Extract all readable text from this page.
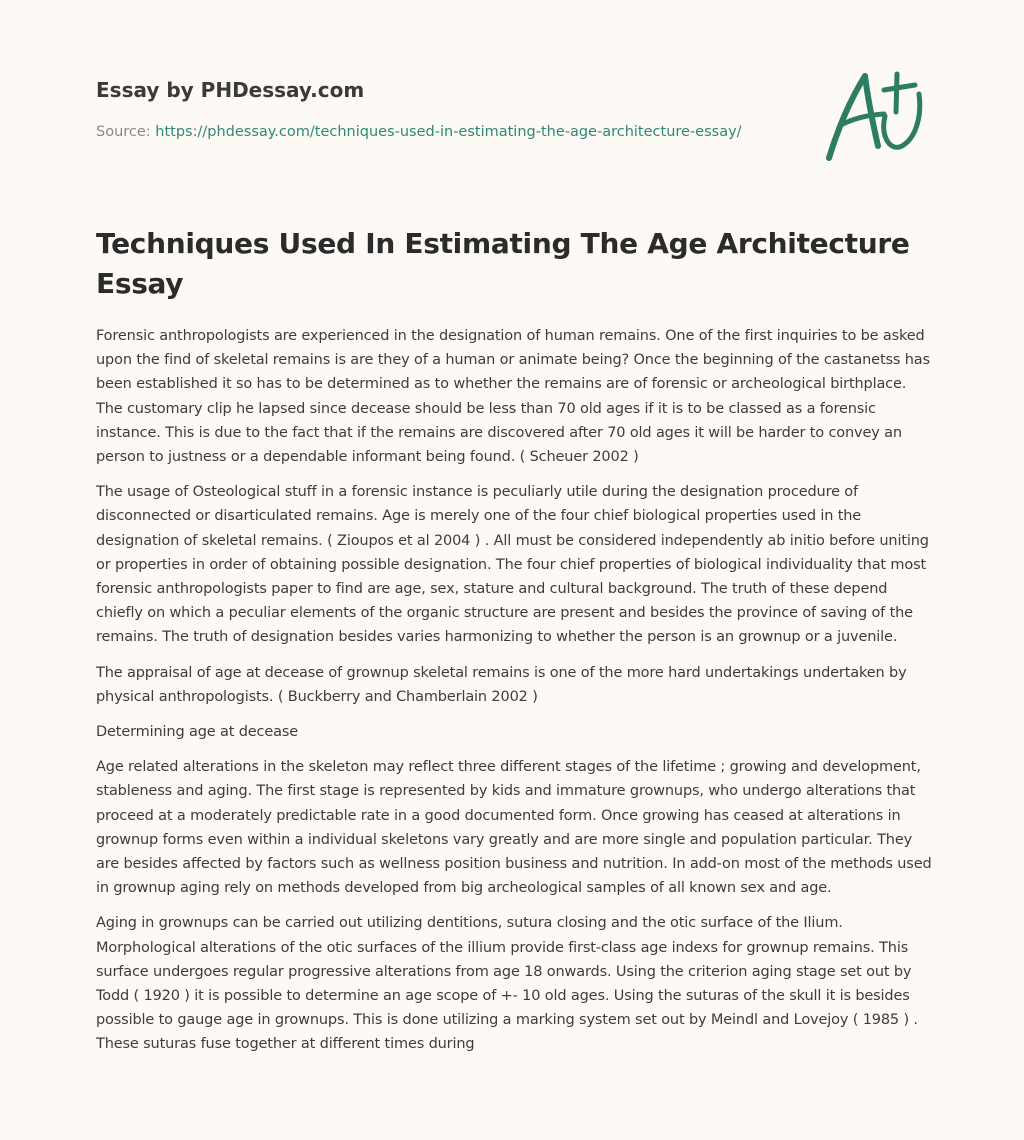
Essay by PHDessay.com
Source: https://phdessay.com/techniques-used-in-estimating-the-age-architecture-essay/
Techniques Used In Estimating The Age Architecture Essay

Forensic anthropologists are experienced in the designation of human remains. One of the first inquiries to be asked upon the find of skeletal remains is are they of a human or animate being? Once the beginning of the castanetss has been established it so has to be determined as to whether the remains are of forensic or archeological birthplace. The customary clip he lapsed since decease should be less than 70 old ages if it is to be classed as a forensic instance. This is due to the fact that if the remains are discovered after 70 old ages it will be harder to convey an person to justness or a dependable informant being found. ( Scheuer 2002 )

The usage of Osteological stuff in a forensic instance is peculiarly utile during the designation procedure of disconnected or disarticulated remains. Age is merely one of the four chief biological properties used in the designation of skeletal remains. ( Zioupos et al 2004 ) . All must be considered independently ab initio before uniting or properties in order of obtaining possible designation. The four chief properties of biological individuality that most forensic anthropologists paper to find are age, sex, stature and cultural background. The truth of these depend chiefly on which a peculiar elements of the organic structure are present and besides the province of saving of the remains. The truth of designation besides varies harmonizing to whether the person is an grownup or a juvenile.

The appraisal of age at decease of grownup skeletal remains is one of the more hard undertakings undertaken by physical anthropologists. ( Buckberry and Chamberlain 2002 )

Determining age at decease

Age related alterations in the skeleton may reflect three different stages of the lifetime ; growing and development, stableness and aging. The first stage is represented by kids and immature grownups, who undergo alterations that proceed at a moderately predictable rate in a good documented form. Once growing has ceased at alterations in grownup forms even within a individual skeletons vary greatly and are more single and population particular. They are besides affected by factors such as wellness position business and nutrition. In add-on most of the methods used in grownup aging rely on methods developed from big archeological samples of all known sex and age.

Aging in grownups can be carried out utilizing dentitions, sutura closing and the otic surface of the Ilium. Morphological alterations of the otic surfaces of the illium provide first-class age indexs for grownup remains. This surface undergoes regular progressive alterations from age 18 onwards. Using the criterion aging stage set out by Todd ( 1920 ) it is possible to determine an age scope of +- 10 old ages. Using the suturas of the skull it is besides possible to gauge age in grownups. This is done utilizing a marking system set out by Meindl and Lovejoy ( 1985 ) . These suturas fuse together at different times during
